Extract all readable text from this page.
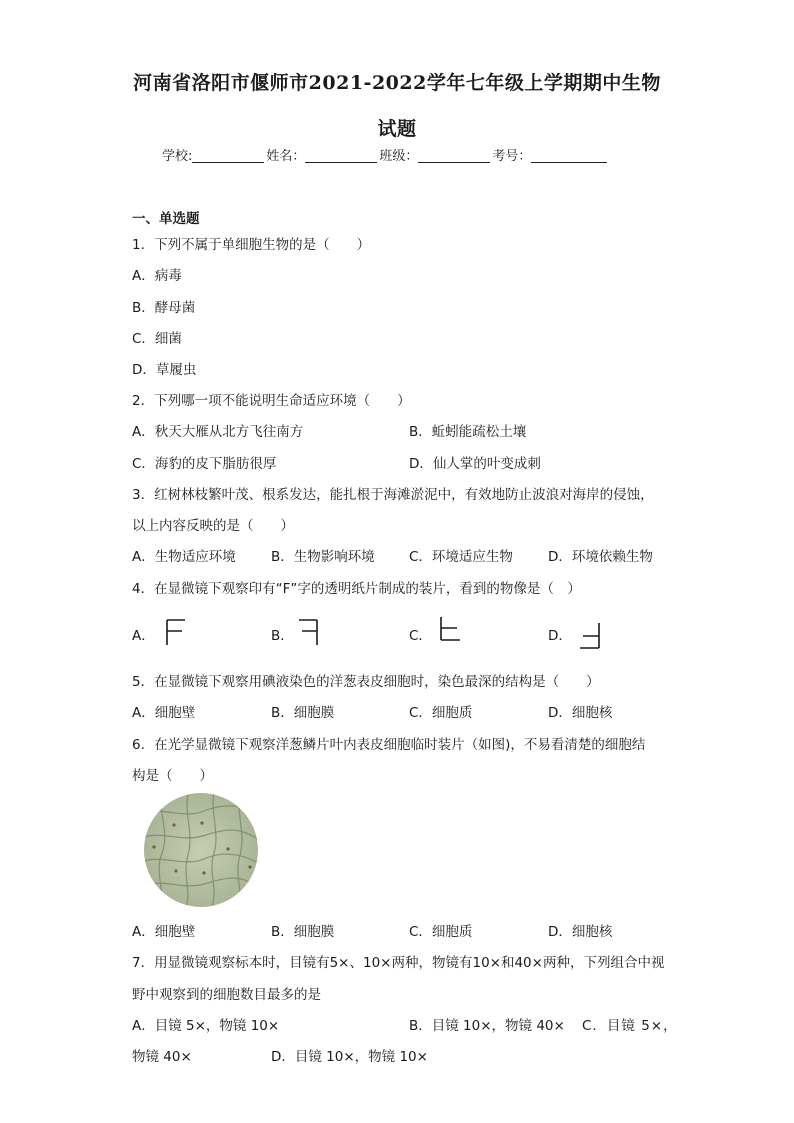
河南省洛阳市偃师市2021-2022学年七年级上学期期中生物
试题
学校:	姓名：	班级：	考号：
一、单选题
1．下列不属于单细胞生物的是（　　）
A．病毒
B．酵母菌
C．细菌
D．草履虫
2．下列哪一项不能说明生命适应环境（　　）
A．秋天大雁从北方飞往南方	B．蚯蚓能疏松土壤
C．海豹的皮下脂肪很厚	D．仙人掌的叶变成刺
3．红树林枝繁叶茂、根系发达，能扎根于海滩淤泥中，有效地防止波浪对海岸的侵蚀，
以上内容反映的是（　　）
A．生物适应环境	B．生物影响环境	C．环境适应生物	D．环境依赖生物
4．在显微镜下观察印有“F”字的透明纸片制成的装片，看到的物像是（　）
A．	B．	C．	D．
5．在显微镜下观察用碘液染色的洋葱表皮细胞时，染色最深的结构是（　　）
A．细胞壁	B．细胞膜	C．细胞质	D．细胞核
6．在光学显微镜下观察洋葱鳞片叶内表皮细胞临时装片（如图)，不易看清楚的细胞结
构是（　　）
A．细胞壁	B．细胞膜	C．细胞质	D．细胞核
7．用显微镜观察标本时，目镜有5×、10×两种，物镜有10×和40×两种，下列组合中视
野中观察到的细胞数目最多的是
A．目镜 5×，物镜 10×	B．目镜 10×，物镜 40× C．目镜 5×，
物镜 40×	D．目镜 10×，物镜 10×
